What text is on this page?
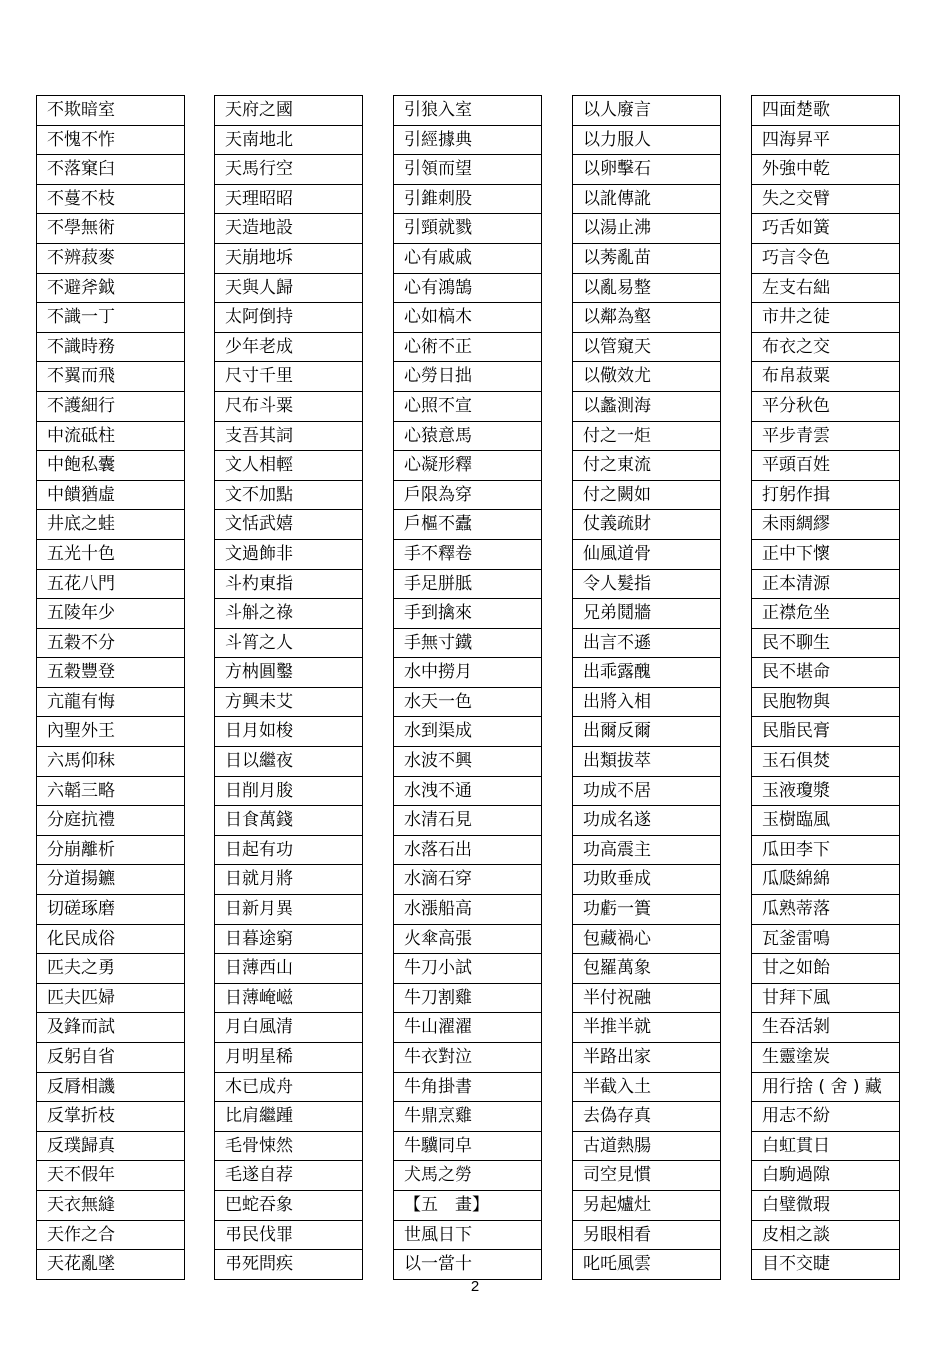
不欺暗室
不愧不怍
不落窠臼
不蔓不枝
不學無術
不辨菽麥
不避斧鉞
不識一丁
不識時務
不翼而飛
不護細行
中流砥柱
中飽私囊
中饋猶虛
井底之蛙
五光十色
五花八門
五陵年少
五穀不分
五穀豐登
亢龍有悔
內聖外王
六馬仰秣
六韜三略
分庭抗禮
分崩離析
分道揚鑣
切磋琢磨
化民成俗
匹夫之勇
匹夫匹婦
及鋒而試
反躬自省
反脣相譏
反掌折枝
反璞歸真
天不假年
天衣無縫
天作之合
天花亂墜
天府之國
天南地北
天馬行空
天理昭昭
天造地設
天崩地坼
天與人歸
太阿倒持
少年老成
尺寸千里
尺布斗粟
支吾其詞
文人相輕
文不加點
文恬武嬉
文過飾非
斗杓東指
斗斛之祿
斗筲之人
方枘圓鑿
方興未艾
日月如梭
日以繼夜
日削月朘
日食萬錢
日起有功
日就月將
日新月異
日暮途窮
日薄西山
日薄崦嵫
月白風清
月明星稀
木已成舟
比肩繼踵
毛骨悚然
毛遂自荐
巴蛇吞象
弔民伐罪
弔死問疾
引狼入室
引經據典
引領而望
引錐刺股
引頸就戮
心有戚戚
心有鴻鵠
心如槁木
心術不正
心勞日拙
心照不宣
心猿意馬
心凝形釋
戶限為穿
戶樞不蠹
手不釋卷
手足胼胝
手到擒來
手無寸鐵
水中撈月
水天一色
水到渠成
水波不興
水洩不通
水清石見
水落石出
水滴石穿
水漲船高
火傘高張
牛刀小試
牛刀割雞
牛山濯濯
牛衣對泣
牛角掛書
牛鼎烹雞
牛驥同皁
犬馬之勞
【五　畫】
世風日下
以一當十
以人廢言
以力服人
以卵擊石
以訛傳訛
以湯止沸
以莠亂苗
以亂易整
以鄰為壑
以管窺天
以儆效尤
以蠡測海
付之一炬
付之東流
付之闕如
仗義疏財
仙風道骨
令人髮指
兄弟鬩牆
出言不遜
出乖露醜
出將入相
出爾反爾
出類拔萃
功成不居
功成名遂
功高震主
功敗垂成
功虧一簣
包藏禍心
包羅萬象
半付祝融
半推半就
半路出家
半截入土
去偽存真
古道熱腸
司空見慣
另起爐灶
另眼相看
叱吒風雲
四面楚歌
四海昇平
外強中乾
失之交臂
巧舌如簧
巧言令色
左支右絀
市井之徒
布衣之交
布帛菽粟
平分秋色
平步青雲
平頭百姓
打躬作揖
未雨綢繆
正中下懷
正本清源
正襟危坐
民不聊生
民不堪命
民胞物與
民脂民膏
玉石俱焚
玉液瓊漿
玉樹臨風
瓜田李下
瓜瓞綿綿
瓜熟蒂落
瓦釜雷鳴
甘之如飴
甘拜下風
生吞活剝
生靈塗炭
用行捨 ( 舍 ) 藏
用志不紛
白虹貫日
白駒過隙
白璧微瑕
皮相之談
目不交睫
2
